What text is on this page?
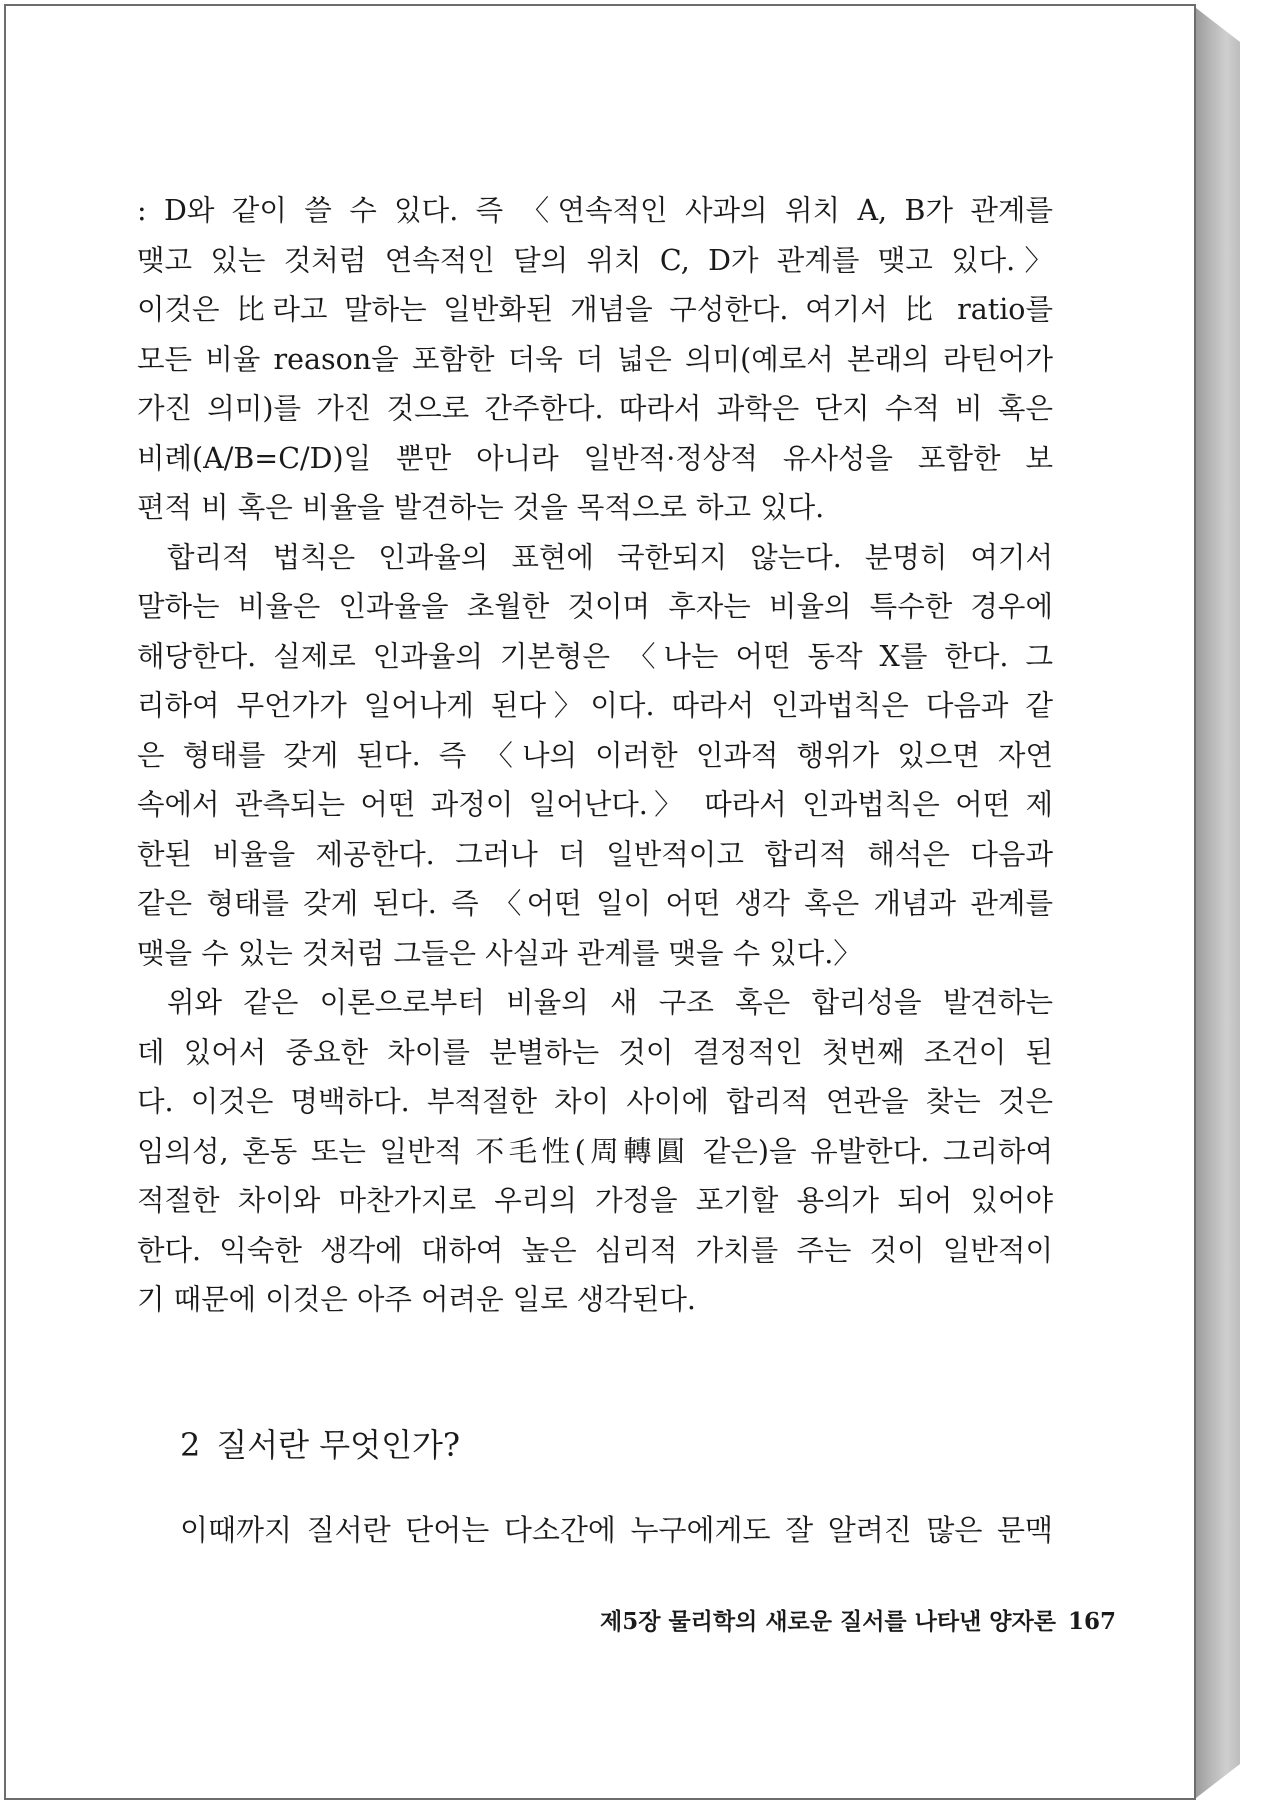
: D와 같이 쓸 수 있다. 즉 〈연속적인 사과의 위치 A, B가 관계를
맺고 있는 것처럼 연속적인 달의 위치 C, D가 관계를 맺고 있다.〉
이것은 比라고 말하는 일반화된 개념을 구성한다. 여기서 比 ratio를
모든 비율 reason을 포함한 더욱 더 넓은 의미(예로서 본래의 라틴어가
가진 의미)를 가진 것으로 간주한다. 따라서 과학은 단지 수적 비 혹은
비례(A/B=C/D)일 뿐만 아니라 일반적·정상적 유사성을 포함한 보
편적 비 혹은 비율을 발견하는 것을 목적으로 하고 있다.
합리적 법칙은 인과율의 표현에 국한되지 않는다. 분명히 여기서
말하는 비율은 인과율을 초월한 것이며 후자는 비율의 특수한 경우에
해당한다. 실제로 인과율의 기본형은 〈나는 어떤 동작 X를 한다. 그
리하여 무언가가 일어나게 된다〉이다. 따라서 인과법칙은 다음과 같
은 형태를 갖게 된다. 즉 〈나의 이러한 인과적 행위가 있으면 자연
속에서 관측되는 어떤 과정이 일어난다.〉 따라서 인과법칙은 어떤 제
한된 비율을 제공한다. 그러나 더 일반적이고 합리적 해석은 다음과
같은 형태를 갖게 된다. 즉 〈어떤 일이 어떤 생각 혹은 개념과 관계를
맺을 수 있는 것처럼 그들은 사실과 관계를 맺을 수 있다.〉
위와 같은 이론으로부터 비율의 새 구조 혹은 합리성을 발견하는
데 있어서 중요한 차이를 분별하는 것이 결정적인 첫번째 조건이 된
다. 이것은 명백하다. 부적절한 차이 사이에 합리적 연관을 찾는 것은
임의성, 혼동 또는 일반적 不毛性(周轉圓 같은)을 유발한다. 그리하여
적절한 차이와 마찬가지로 우리의 가정을 포기할 용의가 되어 있어야
한다. 익숙한 생각에 대하여 높은 심리적 가치를 주는 것이 일반적이
기 때문에 이것은 아주 어려운 일로 생각된다.
2 질서란 무엇인가?
이때까지 질서란 단어는 다소간에 누구에게도 잘 알려진 많은 문맥
제5장 물리학의 새로운 질서를 나타낸 양자론 167
